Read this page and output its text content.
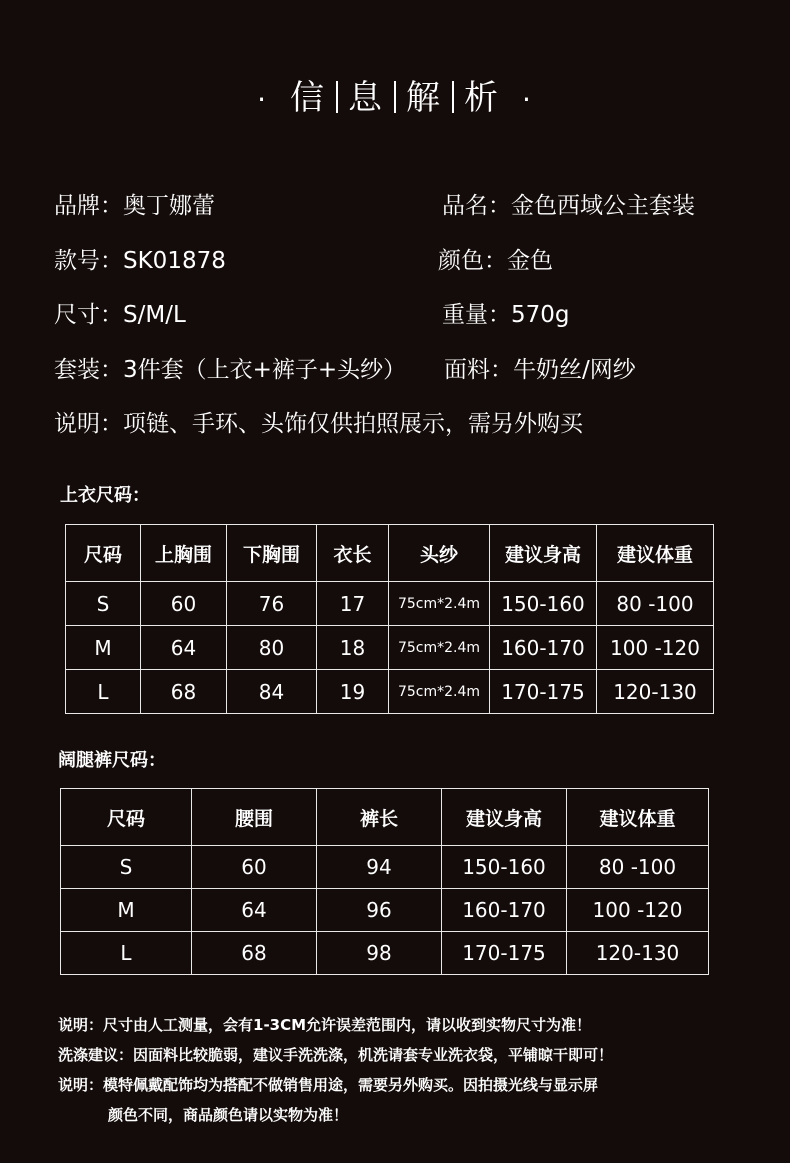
· 信 息 解 析 ·
品牌：奥丁娜蕾	品名：金色西域公主套装
款号：SK01878	颜色：金色
尺寸：S/M/L	重量：570g
套装：3件套（上衣+裤子+头纱） 面料：牛奶丝/网纱
说明：项链、手环、头饰仅供拍照展示，需另外购买
上衣尺码：
尺码	上胸围	下胸围	衣长	头纱	建议身高	建议体重
S	60	76	17	75cm*2.4m	150-160	80 -100
M	64	80	18	75cm*2.4m	160-170	100 -120
L	68	84	19	75cm*2.4m	170-175	120-130
阔腿裤尺码：
尺码	腰围	裤长	建议身高	建议体重
S	60	94	150-160	80 -100
M	64	96	160-170	100 -120
L	68	98	170-175	120-130
说明：尺寸由人工测量，会有1-3CM允许误差范围内，请以收到实物尺寸为准！
洗涤建议：因面料比较脆弱，建议手洗洗涤，机洗请套专业洗衣袋，平铺晾干即可！
说明：模特佩戴配饰均为搭配不做销售用途，需要另外购买。因拍摄光线与显示屏
颜色不同，商品颜色请以实物为准！
